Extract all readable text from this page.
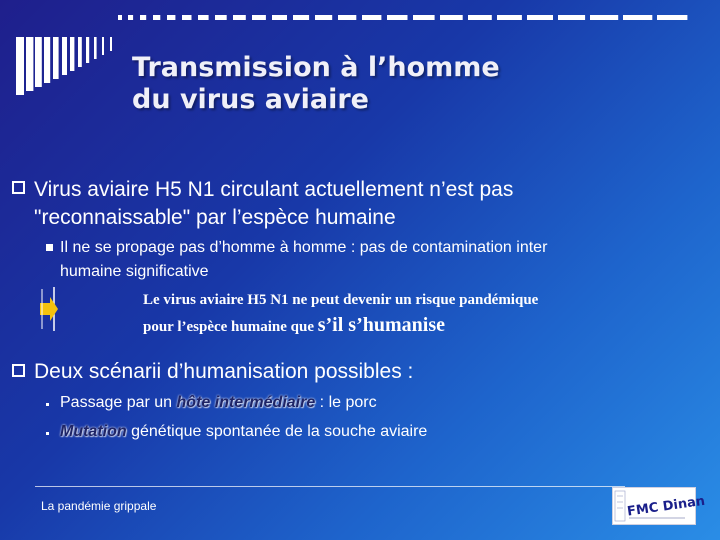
Transmission à l’homme
du virus aviaire
Virus aviaire H5 N1 circulant actuellement n’est pas
"reconnaissable" par l’espèce humaine
Il ne se propage pas d’homme à homme : pas de contamination inter
humaine significative
Le virus aviaire H5 N1 ne peut devenir un risque pandémique
pour l’espèce humaine que s’il s’humanise
Deux scénarii d’humanisation possibles :
Passage par un hôte intermédiaire : le porc
Mutation génétique spontanée de la souche aviaire
La pandémie grippale	FMC Dinan
